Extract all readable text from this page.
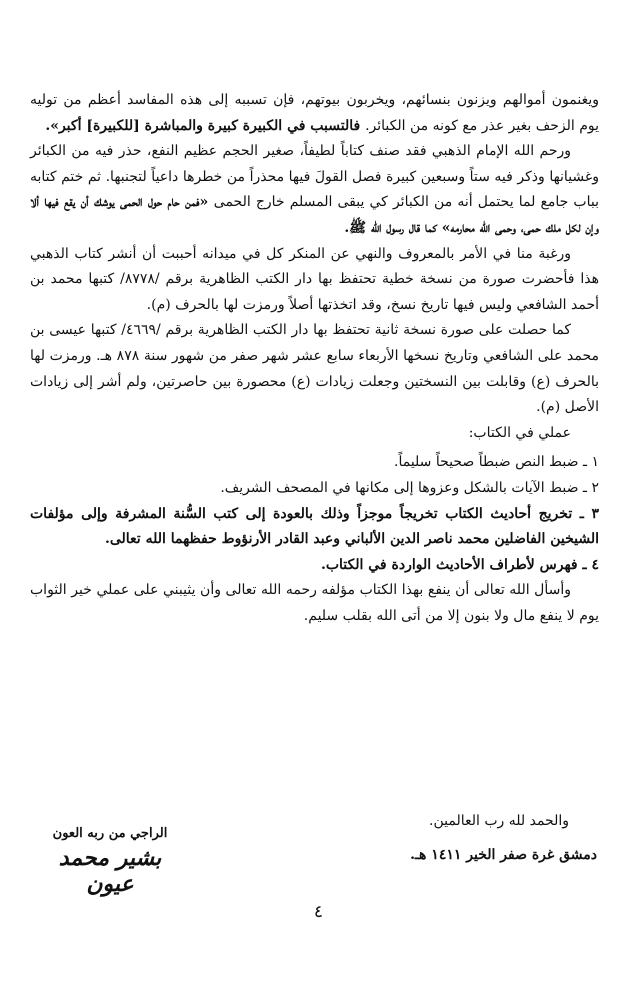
ويغنمون أموالهم ويزنون بنسائهم، ويخربون بيوتهم، فإن تسببه إلى هذه المفاسد أعظم من توليه يوم الزحف بغير عذر مع كونه من الكبائر. فالتسبب في الكبيرة كبيرة والمباشرة [للكبيرة] أكبر».

ورحم الله الإمام الذهبي فقد صنف كتاباً لطيفاً، صغير الحجم عظيم النفع، حذر فيه من الكبائر وغشيانها وذكر فيه ستاً وسبعين كبيرة فصل القولَ فيها محذراً من خطرها داعياً لتجنبها. ثم ختم كتابه بباب جامع لما يحتمل أنه من الكبائر كي يبقى المسلم خارج الحمى «فمن حام حول الحمى يوشك أن يقع فيها ألا وإن لكل ملك حمى، وحمى الله محارمه» كما قال رسول الله ﷺ.

ورغبة منا في الأمر بالمعروف والنهي عن المنكر كل في ميدانه أحببت أن أنشر كتاب الذهبي هذا فأحضرت صورة من نسخة خطية تحتفظ بها دار الكتب الظاهرية برقم /٨٧٧٨/ كتبها محمد بن أحمد الشافعي وليس فيها تاريخ نسخ، وقد اتخذتها أصلاً ورمزت لها بالحرف (م).

كما حصلت على صورة نسخة ثانية تحتفظ بها دار الكتب الظاهرية برقم /٤٦٦٩/ كتبها عيسى بن محمد على الشافعي وتاريخ نسخها الأربعاء سابع عشر شهر صفر من شهور سنة ٨٧٨ هـ. ورمزت لها بالحرف (ع) وقابلت بين النسختين وجعلت زيادات (ع) محصورة بين حاصرتين، ولم أشر إلى زيادات الأصل (م).

عملي في الكتاب:

١ ـ ضبط النص ضبطاً صحيحاً سليماً.
٢ ـ ضبط الآيات بالشكل وعزوها إلى مكانها في المصحف الشريف.
٣ ـ تخريج أحاديث الكتاب تخريجاً موجزاً وذلك بالعودة إلى كتب السُّنة المشرفة وإلى مؤلفات الشيخين الفاضلين محمد ناصر الدين الألباني وعبد القادر الأرنؤوط حفظهما الله تعالى.
٤ ـ فهرس لأطراف الأحاديث الواردة في الكتاب.

وأسأل الله تعالى أن ينفع بهذا الكتاب مؤلفه رحمه الله تعالى وأن يثيبني على عملي خير الثواب يوم لا ينفع مال ولا بنون إلا من أتى الله بقلب سليم.

والحمد لله رب العالمين.
دمشق غرة صفر الخير ١٤١١ هـ.
الراجي من ربه العون
بشير محمد عيون
٤
